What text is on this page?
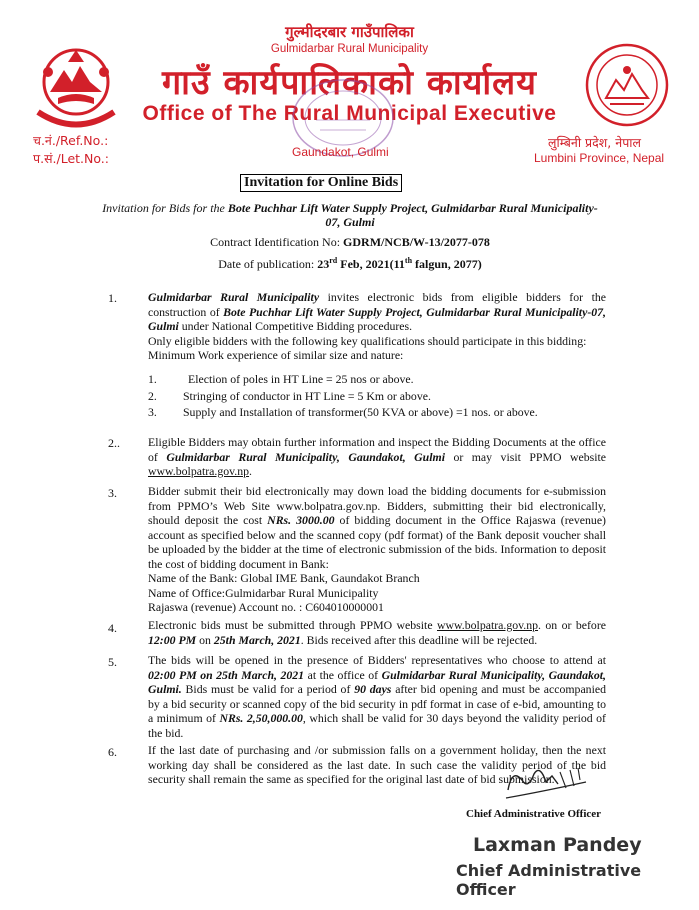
गुल्मीदरबार गाउँपालिका
Gulmidarbar Rural Municipality
गाउँ कार्यपालिकाको कार्यालय
Office of The Rural Municipal Executive
च.नं./Ref.No.:
प.सं./Let.No.:	Gaundakot, Gulmi
लुम्बिनी प्रदेश, नेपाल
Lumbini Province, Nepal
Invitation for Online Bids
Invitation for Bids for the Bote Puchhar Lift Water Supply Project, Gulmidarbar Rural Municipality-07, Gulmi
Contract Identification No: GDRM/NCB/W-13/2077-078
Date of publication: 23rd Feb, 2021(11th falgun, 2077)
1.	Gulmidarbar Rural Municipality invites electronic bids from eligible bidders for the construction of Bote Puchhar Lift Water Supply Project, Gulmidarbar Rural Municipality-07, Gulmi under National Competitive Bidding procedures.
Only eligible bidders with the following key qualifications should participate in this bidding:
Minimum Work experience of similar size and nature:
1.	Election of poles in HT Line = 25 nos or above.
2. Stringing of conductor in HT Line = 5 Km or above.
3. Supply and Installation of transformer(50 KVA or above) =1 nos. or above.
2.. Eligible Bidders may obtain further information and inspect the Bidding Documents at the office of Gulmidarbar Rural Municipality, Gaundakot, Gulmi or may visit PPMO website www.bolpatra.gov.np.
3.	Bidder submit their bid electronically may down load the bidding documents for e-submission from PPMO’s Web Site www.bolpatra.gov.np. Bidders, submitting their bid electronically, should deposit the cost NRs. 3000.00 of bidding document in the Office Rajaswa (revenue) account as specified below and the scanned copy (pdf format) of the Bank deposit voucher shall be uploaded by the bidder at the time of electronic submission of the bids. Information to deposit the cost of bidding document in Bank:
Name of the Bank: Global IME Bank, Gaundakot Branch
Name of Office:Gulmidarbar Rural Municipality
Rajaswa (revenue) Account no. : C604010000001
4.	Electronic bids must be submitted through PPMO website www.bolpatra.gov.np. on or before 12:00 PM on 25th March, 2021. Bids received after this deadline will be rejected.
5.	The bids will be opened in the presence of Bidders' representatives who choose to attend at 02:00 PM on 25th March, 2021 at the office of Gulmidarbar Rural Municipality, Gaundakot, Gulmi. Bids must be valid for a period of 90 days after bid opening and must be accompanied by a bid security or scanned copy of the bid security in pdf format in case of e-bid, amounting to a minimum of NRs. 2,50,000.00, which shall be valid for 30 days beyond the validity period of the bid.
6.	If the last date of purchasing and /or submission falls on a government holiday, then the next working day shall be considered as the last date. In such case the validity period of the bid security shall remain the same as specified for the original last date of bid submission.
Chief Administrative Officer
Laxman Pandey
Chief Administrative Officer
